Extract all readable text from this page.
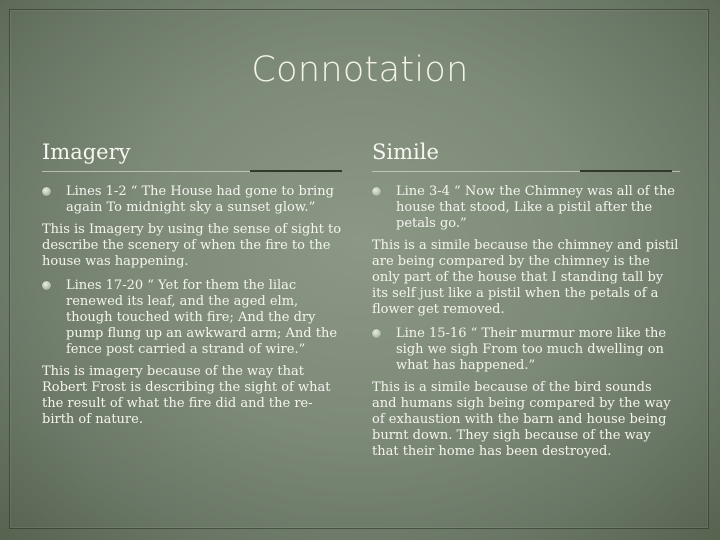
Connotation
Imagery
Lines 1-2 “ The House had gone to bring again To midnight sky a sunset glow.”

This is Imagery by using the sense of sight to describe the scenery of when the fire to the house was happening.

Lines 17-20 “ Yet for them the lilac renewed its leaf, and the aged elm, though touched with fire; And the dry pump flung up an awkward arm; And the fence post carried a strand of wire.”

This is imagery because of the way that Robert Frost is describing the sight of what the result of what the fire did and the re-birth of nature.

Simile
Line 3-4 “ Now the Chimney was all of the house that stood, Like a pistil after the petals go.”

This is a simile because the chimney and pistil are being compared by the chimney is the only part of the house that I standing tall by its self just like a pistil when the petals of a flower get removed.

Line 15-16 “ Their murmur more like the sigh we sigh From too much dwelling on what has happened.”

This is a simile because of the bird sounds and humans sigh being compared by the way of exhaustion with the barn and house being burnt down. They sigh because of the way that their home has been destroyed.
